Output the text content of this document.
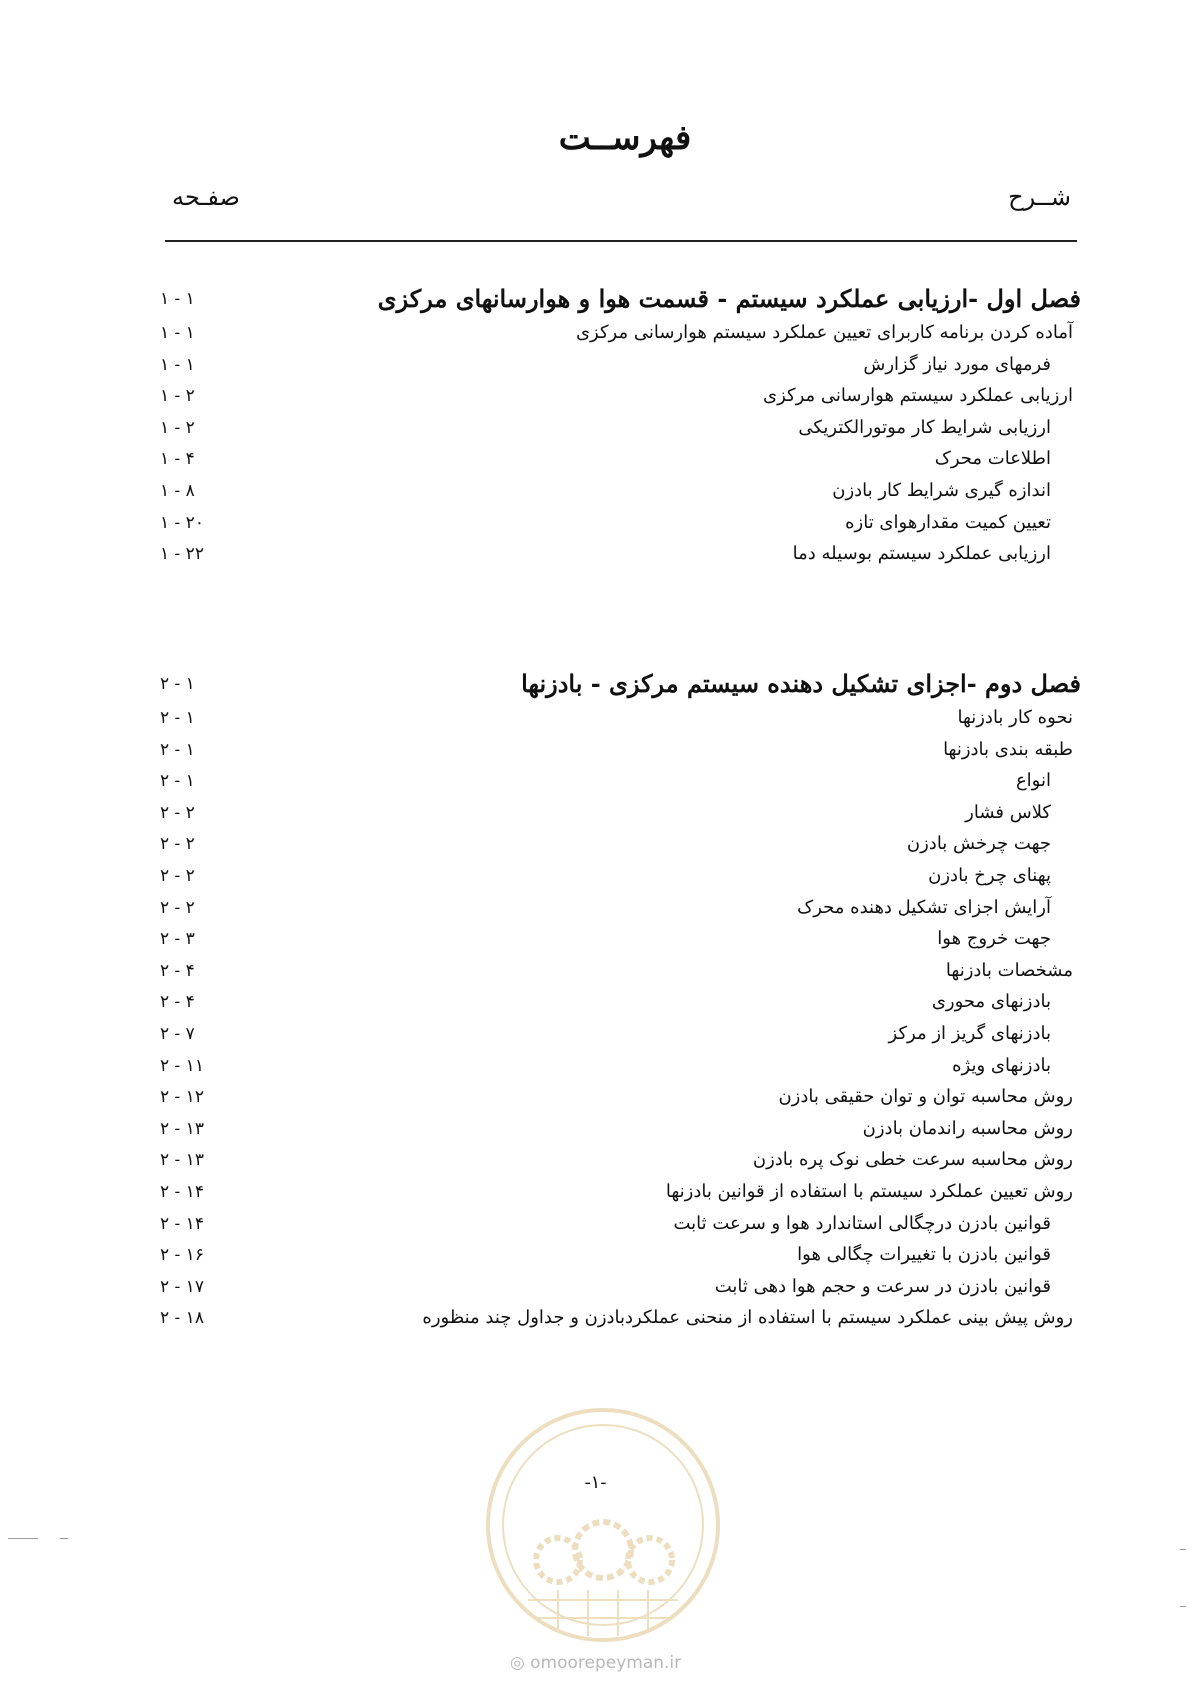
فهرســت
شــرح
صفـحه
فصل اول -ارزیابی عملکرد سیستم - قسمت هوا و هوارسانهای مرکزی
۱ - ۱
آماده کردن برنامه کاربرای تعیین عملکرد سیستم هوارسانی مرکزی
۱ - ۱
فرمهای مورد نیاز گزارش
۱ - ۱
ارزیابی عملکرد سیستم هوارسانی مرکزی
۱ - ۲
ارزیابی شرایط کار موتورالکتریکی
۱ - ۲
اطلاعات محرک
۱ - ۴
اندازه گیری شرایط کار بادزن
۱ - ۸
تعیین کمیت مقدارهوای تازه
۱ - ۲۰
ارزیابی عملکرد سیستم بوسیله دما
۱ - ۲۲
فصل دوم -اجزای تشکیل دهنده سیستم مرکزی - بادزنها
۲ - ۱
نحوه کار بادزنها
۲ - ۱
طبقه بندی بادزنها
۲ - ۱
انواع
۲ - ۱
کلاس فشار
۲ - ۲
جهت چرخش بادزن
۲ - ۲
پهنای چرخ بادزن
۲ - ۲
آرایش اجزای تشکیل دهنده محرک
۲ - ۲
جهت خروج هوا
۲ - ۳
مشخصات بادزنها
۲ - ۴
بادزنهای محوری
۲ - ۴
بادزنهای گریز از مرکز
۲ - ۷
بادزنهای ویژه
۲ - ۱۱
روش محاسبه توان و توان حقیقی بادزن
۲ - ۱۲
روش محاسبه راندمان بادزن
۲ - ۱۳
روش محاسبه سرعت خطی نوک پره بادزن
۲ - ۱۳
روش تعیین عملکرد سیستم با استفاده از قوانین بادزنها
۲ - ۱۴
قوانین بادزن درچگالی استاندارد هوا و سرعت ثابت
۲ - ۱۴
قوانین بادزن با تغییرات چگالی هوا
۲ - ۱۶
قوانین بادزن در سرعت و حجم هوا دهی ثابت
۲ - ۱۷
روش پیش بینی عملکرد سیستم با استفاده از منحنی عملکردبادزن و جداول چند منظوره
۲ - ۱۸
-۱-
◎ omoorepeyman.ir
